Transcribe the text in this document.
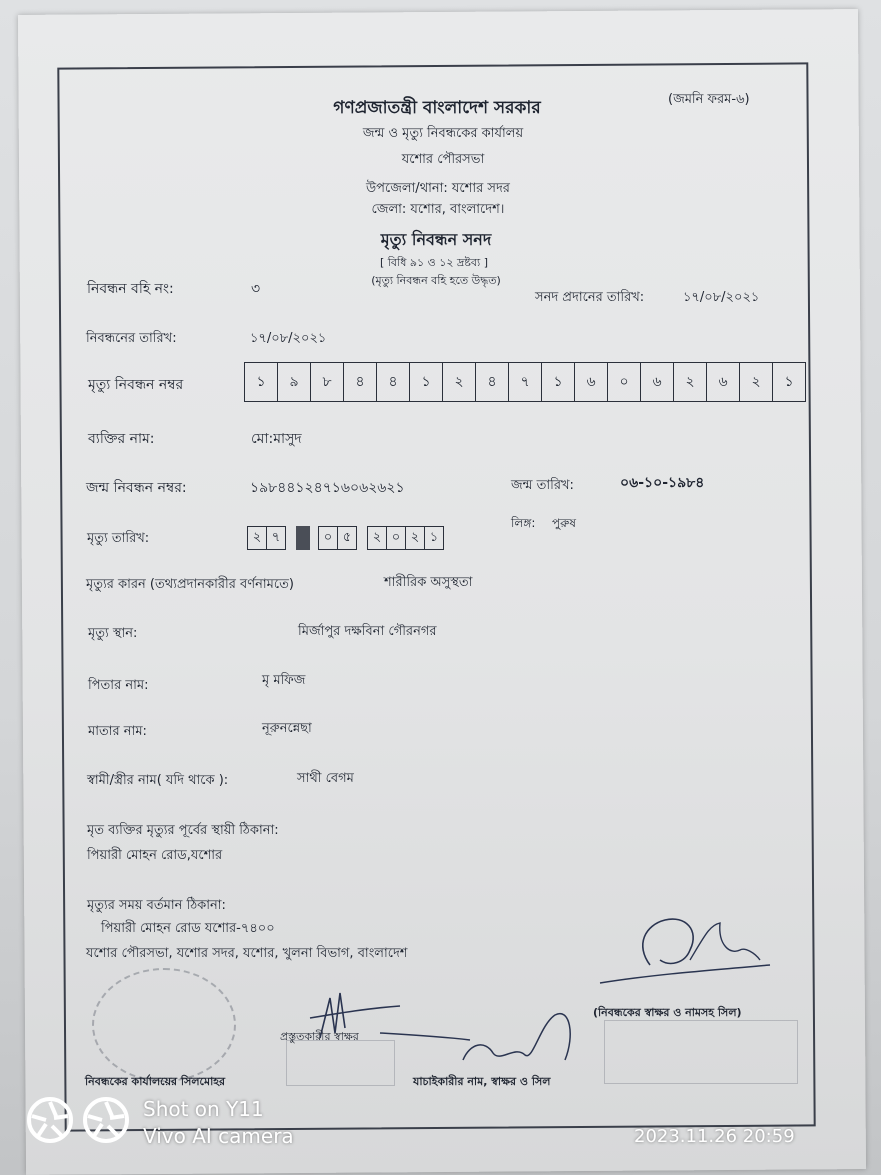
গণপ্রজাতন্ত্রী বাংলাদেশ সরকার	(জমনি ফরম-৬)
জন্ম ও মৃত্যু নিবন্ধকের কার্যালয়
যশোর পৌরসভা
উপজেলা/থানা: যশোর সদর
জেলা: যশোর, বাংলাদেশ।
মৃত্যু নিবন্ধন সনদ
[ বিধি ৯১ ও ১২ দ্রষ্টব্য ]
(মৃত্যু নিবন্ধন বহি হতে উদ্ধৃত)
নিবন্ধন বহি নং:	৩
সনদ প্রদানের তারিখ:	১৭/০৮/২০২১
নিবন্ধনের তারিখ:	১৭/০৮/২০২১
মৃত্যু নিবন্ধন নম্বর	১	৯	৮	৪	৪	১	২	৪	৭	১	৬	০	৬	২	৬	২	১
ব্যক্তির নাম:	মো:মাসুদ
জন্ম নিবন্ধন নম্বর:	১৯৮৪৪১২৪৭১৬০৬২৬২১	জন্ম তারিখ:	০৬-১০-১৯৮৪
লিঙ্গ: পুরুষ
মৃত্যু তারিখ:	২ ৭	০ ৫	২ ০ ২ ১
মৃত্যুর কারন (তথ্যপ্রদানকারীর বর্ণনামতে)	শারীরিক অসুস্থতা
মৃত্যু স্থান:	মির্জাপুর দক্ষবিনা গৌরনগর
পিতার নাম:	মৃ মফিজ
মাতার নাম:	নূরুনন্নেছা
স্বামী/স্ত্রীর নাম( যদি থাকে ):	সাথী বেগম
মৃত ব্যক্তির মৃত্যুর পূর্বের স্থায়ী ঠিকানা:
পিয়ারী মোহন রোড,যশোর
মৃত্যুর সময় বর্তমান ঠিকানা:
পিয়ারী মোহন রোড যশোর-৭৪০০
যশোর পৌরসভা, যশোর সদর, যশোর, খুলনা বিভাগ, বাংলাদেশ
(নিবন্ধকের স্বাক্ষর ও নামসহ সিল)
প্রস্তুতকারীর স্বাক্ষর
যাচাইকারীর নাম, স্বাক্ষর ও সিল
নিবন্ধকের কার্যালয়ের সিলমোহর
Shot on Y11
Vivo AI camera	2023.11.26 20:59
